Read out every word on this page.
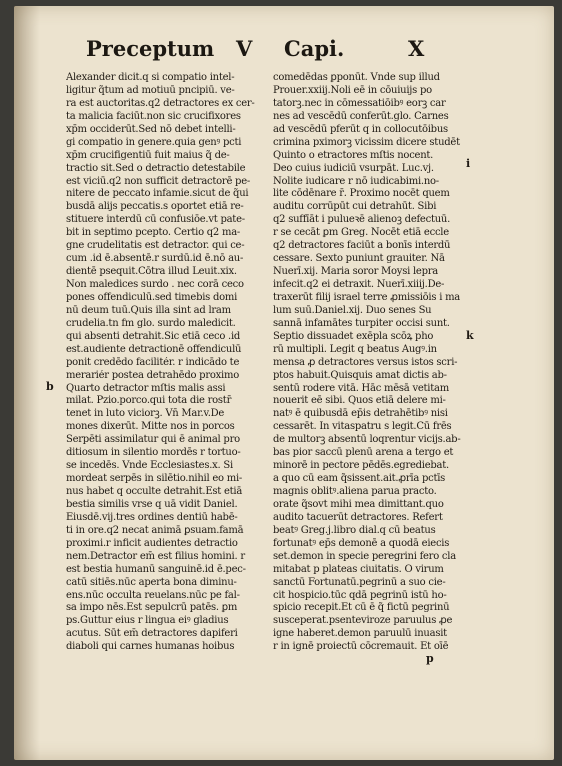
Preceptum V Capi.	X
Alexander dicit.q si compatio intel-
ligitur q̃tum ad motiuū pncipiū. ve-
ra est auctoritas.q2 detractores ex cer-
ta malicia faciūt.non sic crucifixores
xp̄m occiderūt.Sed nō debet intelli-
gi compatio in genere.quia genꝰ pcti
xp̄m crucifigentiū fuit maius q̃ de-
tractio sit.Sed o detractio detestabile
est viciū.q2 non sufficit detractorē pe-
nitere de peccato infamie.sicut de q̃ui
busdā alijs peccatis.s oportet etiā re-
stituere interdū cū confusiōe.vt pate-
bit in septimo pcepto. Certio q2 ma-
gne crudelitatis est detractor. qui ce-
cum .id ē.absentē.r surdū.id ē.nō au-
dientē psequit.Cōtra illud Leuit.xix.
Non maledices surdo . nec corā ceco
pones offendiculū.sed timebis domi
nū deum tuū.Quis illa sint ad lram
crudelia.tn fm glo. surdo maledicit.
qui absenti detrahit.Sic etiā ceco .id
est.audiente detractionē offendiculū
ponit credēdo facilitér. r indicādo te
merariér postea detrahēdo proximo
Quarto detractor mſtis malis assi
milat. Pzio.porco.qui tota die rostr̄
tenet in luto viciorꝫ. Vn̄ Mar.v.De
mones dixerūt. Mitte nos in porcos
Serpēti assimilatur qui ē animal pro
ditiosum in silentio mordēs r tortuo-
se incedēs. Vnde Ecclesiastes.x. Si
mordeat serpēs in silētio.nihil eo mi-
nus habet q occulte detrahit.Est etiā
bestia similis vrse q uā vidit Daniel.
Eiusdē.vij.tres ordines dentiū habē-
ti in ore.q2 necat animā ꝑsuam.famā
proximi.r inficit audientes detractio
nem.Detractor em̄ est filius homini. r
est bestia humanū sanguinē.id ē.pec-
catū sitiēs.nūc aperta bona diminu-
ens.nūc occulta reuelans.nūc pe fal-
sa impo nēs.Est sepulcrū patēs. ꝑm
ps.Guttur eius r lingua eiꝰ gladius
acutus. Sūt em̄ detractores dapiferi
diaboli qui carnes humanas hoibus
comedēdas ꝑponūt. Vnde sup illud
Prouer.xxiij.Noli eē in cōuiuijs po
tatorꝫ.nec in cōmessatiōibꝰ eorꝫ car
nes ad vescēdū conferūt.glo. Carnes
ad vescēdū pferūt q in collocutōibus
crimina pximorꝫ vicissim dicere studēt
Quinto o etractores mſtis nocent.
Deo cuius iudiciū vsurpāt. Luc.vj.
Nolite iudicare r nō iudicabimi.no-
lite cōdēnare r̄. Proximo nocēt quem
auditu corrūpūt cui detrahūt. Sibi
q2 suffīāt i pulueꝛē alienoꝫ defectuū.
r se cecāt ꝑm Greg. Nocēt etiā eccle
q2 detractores faciūt a bonīs interdū
cessare. Sexto puniunt grauiter. Nā
Nuerī.xij. Maria soror Moysi lepra
infecit.q2 ei detraxit. Nuerī.xiiij.De-
traxerūt filij israel terre ꝓmissiōis i ma
lum suū.Daniel.xij. Duo senes Su
sannā infamātes turpiter occisi sunt.
Septio dissuadet exēpla scōꝝ pho
rū multipli. Legit q beatus Augꝰ.in
mensa ꝓ detractores versus istos scri-
ptos habuit.Quisquis amat dictis ab-
sentū rodere vitā. Hāc mēsā vetitam
nouerit eē sibi. Quos etiā delere mi-
natꝰ ē quibusdā ep̄is detrahētibꝰ nisi
cessarēt. In vitaspatru s legit.Cū frēs
de multorꝫ absentū loqrentur vicijs.ab-
bas pior saccū plenū arena a tergo et
minorē in pectore pēdēs.egrediebat.
a quo cū eam q̃sissent.ait.ꝓrīa pctīs
magnis oblitꝰ.aliena parua practo.
orate q̃sovt mihi mea dimittant.quo
audito tacuerūt detractores. Refert
beatꝰ Greg.j.libro dial.q cū beatus
fortunatꝰ ep̄s demonē a quodā eiecis
set.demon in specie peregrini fero cla
mitabat p plateas ciuitatis. O virum
sanctū Fortunatū.pegrinū a suo cie-
cit hospicio.tūc qdā pegrinū istū ho-
spicio recepit.Et cū ē q̃ fictū pegrinū
susceperat.psenteviroze paruulus ꝓe
igne haberet.demon paruulū inuasit
r in ignē proiectū cōcremauit. Et oīē
b
i
k
p
